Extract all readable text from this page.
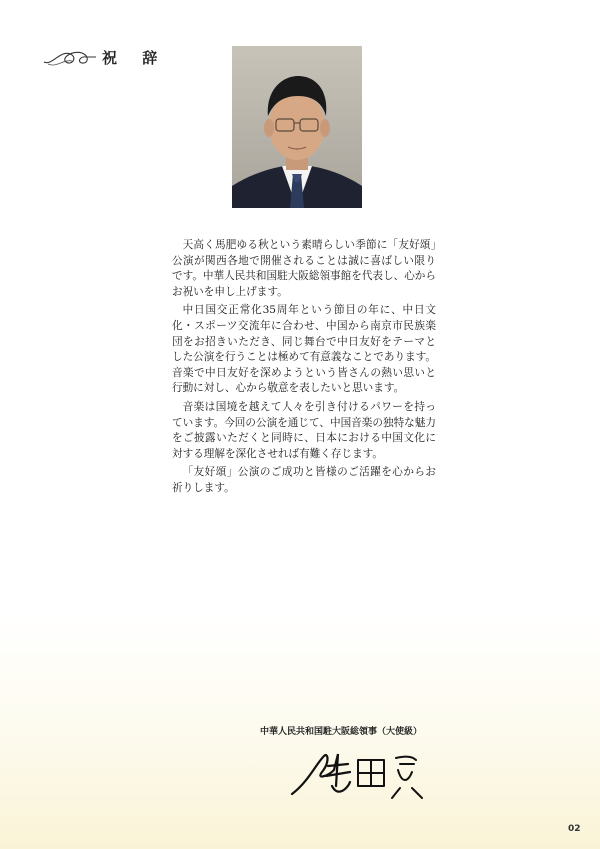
祝 辞

天高く馬肥ゆる秋という素晴らしい季節に「友好頌」公演が関西各地で開催されることは誠に喜ばしい限りです。中華人民共和国駐大阪総領事館を代表し、心からお祝いを申し上げます。

中日国交正常化35周年という節目の年に、中日文化・スポーツ交流年に合わせ、中国から南京市民族楽団をお招きいただき、同じ舞台で中日友好をテーマとした公演を行うことは極めて有意義なことであります。音楽で中日友好を深めようという皆さんの熱い思いと行動に対し、心から敬意を表したいと思います。

音楽は国境を越えて人々を引き付けるパワーを持っています。今回の公演を通じて、中国音楽の独特な魅力をご披露いただくと同時に、日本における中国文化に対する理解を深化させれば有難く存じます。

「友好頌」公演のご成功と皆様のご活躍を心からお祈りします。

中華人民共和国駐大阪総領事（大使級）
02
